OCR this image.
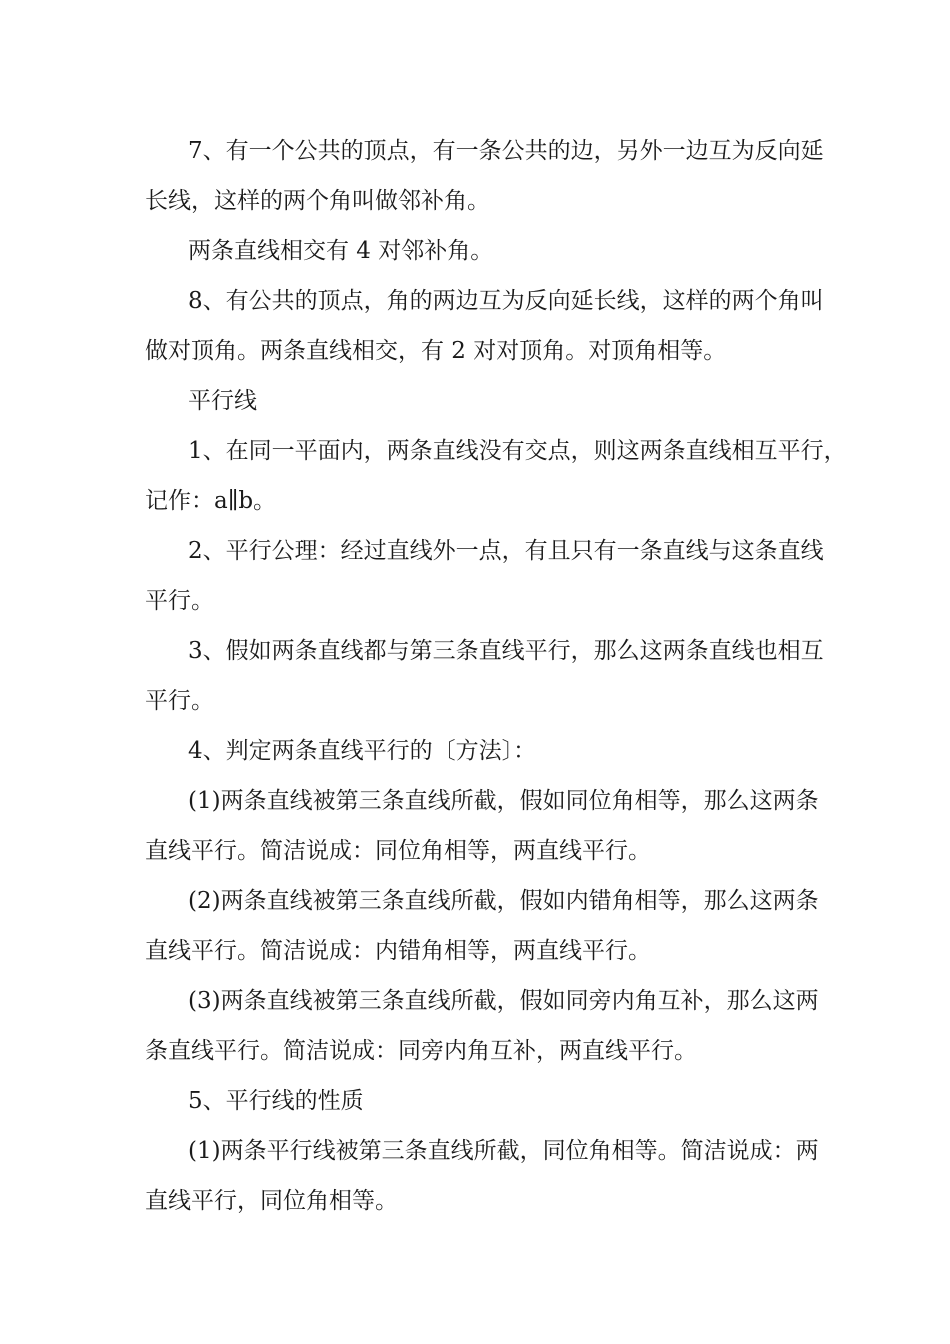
7、有一个公共的顶点，有一条公共的边，另外一边互为反向延

长线，这样的两个角叫做邻补角。

两条直线相交有 4 对邻补角。

8、有公共的顶点，角的两边互为反向延长线，这样的两个角叫

做对顶角。两条直线相交，有 2 对对顶角。对顶角相等。

平行线

1、在同一平面内，两条直线没有交点，则这两条直线相互平行，

记作：a∥b。

2、平行公理：经过直线外一点，有且只有一条直线与这条直线

平行。

3、假如两条直线都与第三条直线平行，那么这两条直线也相互

平行。

4、判定两条直线平行的〔方法〕：

(1)两条直线被第三条直线所截，假如同位角相等，那么这两条

直线平行。简洁说成：同位角相等，两直线平行。

(2)两条直线被第三条直线所截，假如内错角相等，那么这两条

直线平行。简洁说成：内错角相等，两直线平行。

(3)两条直线被第三条直线所截，假如同旁内角互补，那么这两

条直线平行。简洁说成：同旁内角互补，两直线平行。

5、平行线的性质

(1)两条平行线被第三条直线所截，同位角相等。简洁说成：两

直线平行，同位角相等。
